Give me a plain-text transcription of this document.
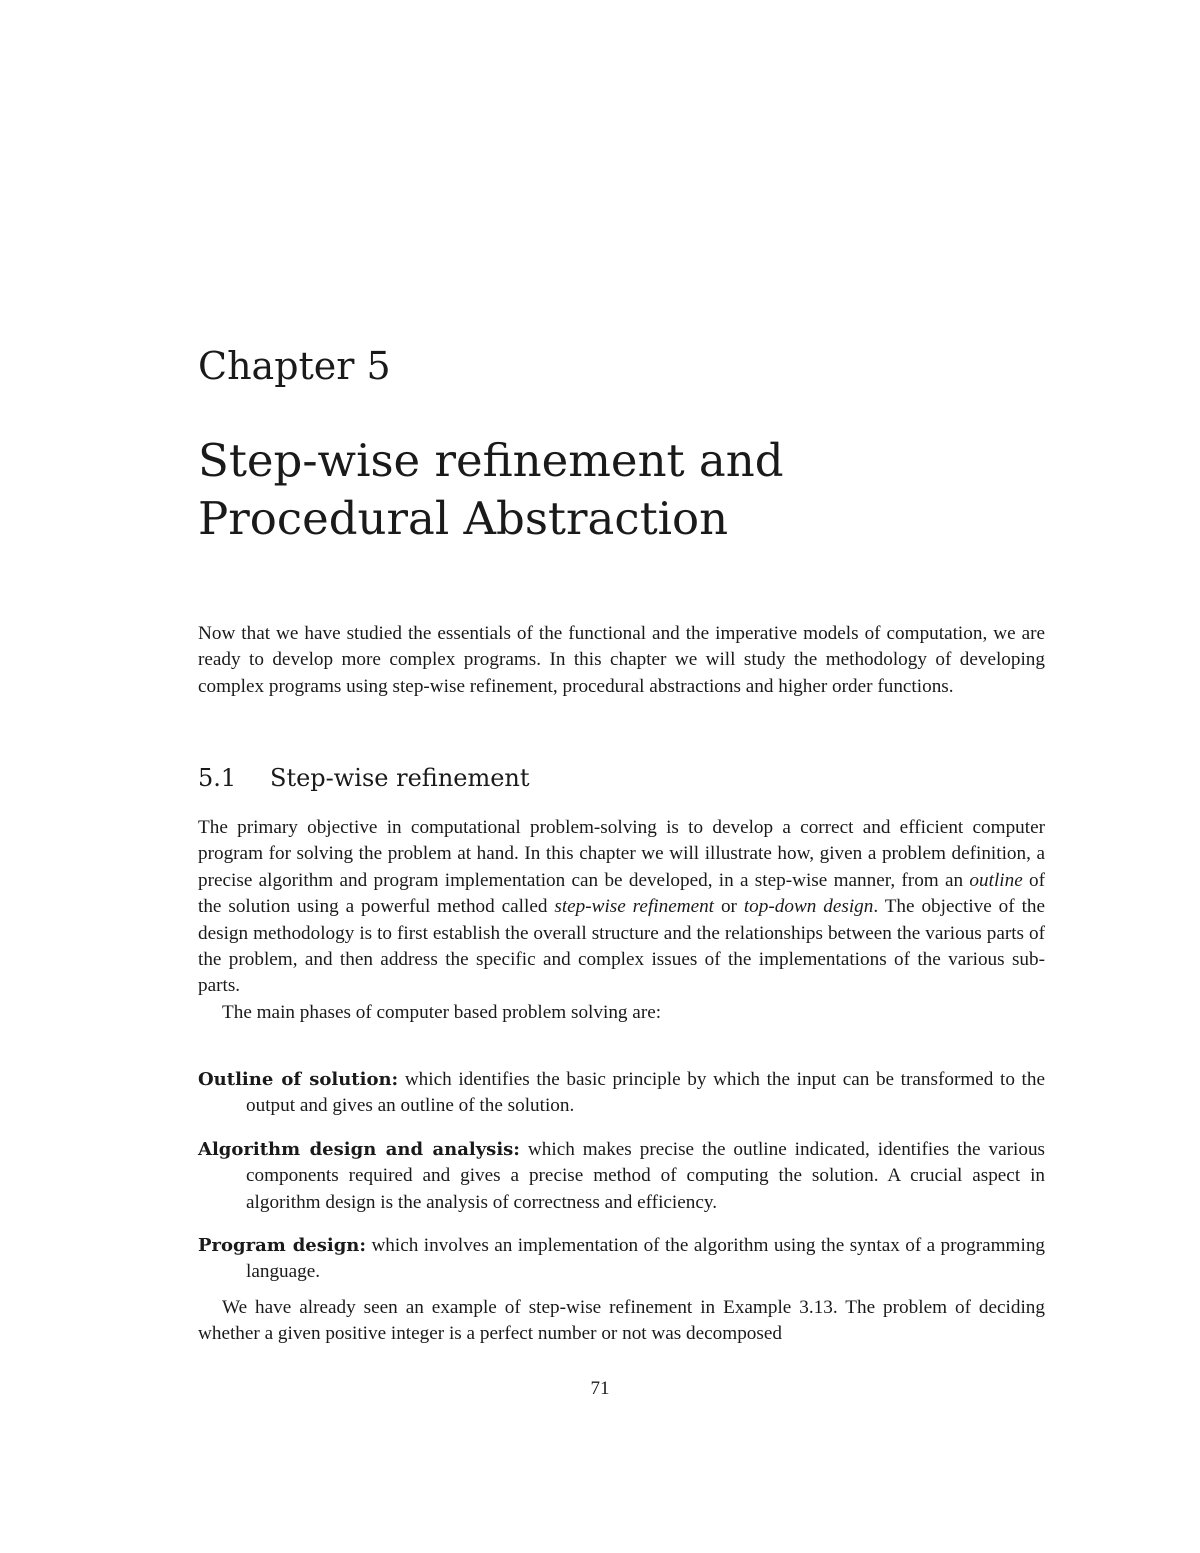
Chapter 5
Step-wise refinement and
Procedural Abstraction

Now that we have studied the essentials of the functional and the imperative models of computation, we are ready to develop more complex programs. In this chapter we will study the methodology of developing complex programs using step-wise refinement, procedural abstractions and higher order functions.

5.1 Step-wise refinement

The primary objective in computational problem-solving is to develop a correct and efficient computer program for solving the problem at hand. In this chapter we will illustrate how, given a problem definition, a precise algorithm and program implementation can be developed, in a step-wise manner, from an outline of the solution using a powerful method called step-wise refinement or top-down design. The objective of the design methodology is to first establish the overall structure and the relationships between the various parts of the problem, and then address the specific and complex issues of the implementations of the various sub-parts.

The main phases of computer based problem solving are:

Outline of solution: which identifies the basic principle by which the input can be transformed to the output and gives an outline of the solution.
Algorithm design and analysis: which makes precise the outline indicated, identifies the various components required and gives a precise method of computing the solution. A crucial aspect in algorithm design is the analysis of correctness and efficiency.
Program design: which involves an implementation of the algorithm using the syntax of a programming language.

We have already seen an example of step-wise refinement in Example 3.13. The problem of deciding whether a given positive integer is a perfect number or not was decomposed

71
